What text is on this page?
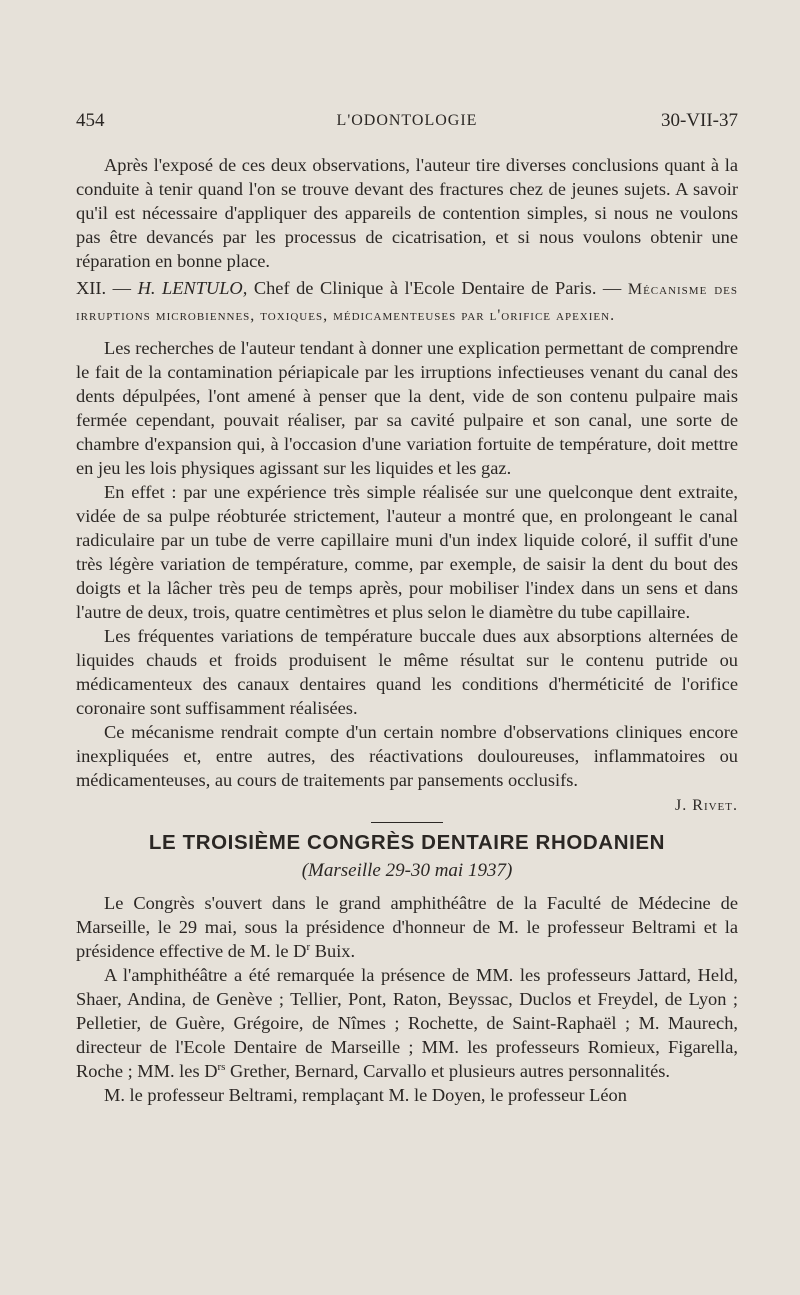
454	L'ODONTOLOGIE	30-VII-37

Après l'exposé de ces deux observations, l'auteur tire diverses conclusions quant à la conduite à tenir quand l'on se trouve devant des fractures chez de jeunes sujets. A savoir qu'il est nécessaire d'appliquer des appareils de contention simples, si nous ne voulons pas être devancés par les processus de cicatrisation, et si nous voulons obtenir une réparation en bonne place.

XII. — H. LENTULO, Chef de Clinique à l'Ecole Dentaire de Paris. — Mécanisme des irruptions microbiennes, toxiques, médicamenteuses par l'orifice apexien.

Les recherches de l'auteur tendant à donner une explication permettant de comprendre le fait de la contamination périapicale par les irruptions infectieuses venant du canal des dents dépulpées, l'ont amené à penser que la dent, vide de son contenu pulpaire mais fermée cependant, pouvait réaliser, par sa cavité pulpaire et son canal, une sorte de chambre d'expansion qui, à l'occasion d'une variation fortuite de température, doit mettre en jeu les lois physiques agissant sur les liquides et les gaz.

En effet : par une expérience très simple réalisée sur une quelconque dent extraite, vidée de sa pulpe réobturée strictement, l'auteur a montré que, en prolongeant le canal radiculaire par un tube de verre capillaire muni d'un index liquide coloré, il suffit d'une très légère variation de température, comme, par exemple, de saisir la dent du bout des doigts et la lâcher très peu de temps après, pour mobiliser l'index dans un sens et dans l'autre de deux, trois, quatre centimètres et plus selon le diamètre du tube capillaire.

Les fréquentes variations de température buccale dues aux absorptions alternées de liquides chauds et froids produisent le même résultat sur le contenu putride ou médicamenteux des canaux dentaires quand les conditions d'herméticité de l'orifice coronaire sont suffisamment réalisées.

Ce mécanisme rendrait compte d'un certain nombre d'observations cliniques encore inexpliquées et, entre autres, des réactivations douloureuses, inflammatoires ou médicamenteuses, au cours de traitements par pansements occlusifs.

J. Rivet.

LE TROISIÈME CONGRÈS DENTAIRE RHODANIEN
(Marseille 29-30 mai 1937)

Le Congrès s'ouvert dans le grand amphithéâtre de la Faculté de Médecine de Marseille, le 29 mai, sous la présidence d'honneur de M. le professeur Beltrami et la présidence effective de M. le $D^r$ Buix.

A l'amphithéâtre a été remarquée la présence de MM. les professeurs Jattard, Held, Shaer, Andina, de Genève ; Tellier, Pont, Raton, Beyssac, Duclos et Freydel, de Lyon ; Pelletier, de Guère, Grégoire, de Nîmes ; Rochette, de Saint-Raphaël ; M. Maurech, directeur de l'Ecole Dentaire de Marseille ; MM. les professeurs Romieux, Figarella, Roche ; MM. les $D^{rs}$ Grether, Bernard, Carvallo et plusieurs autres personnalités.

M. le professeur Beltrami, remplaçant M. le Doyen, le professeur Léon
